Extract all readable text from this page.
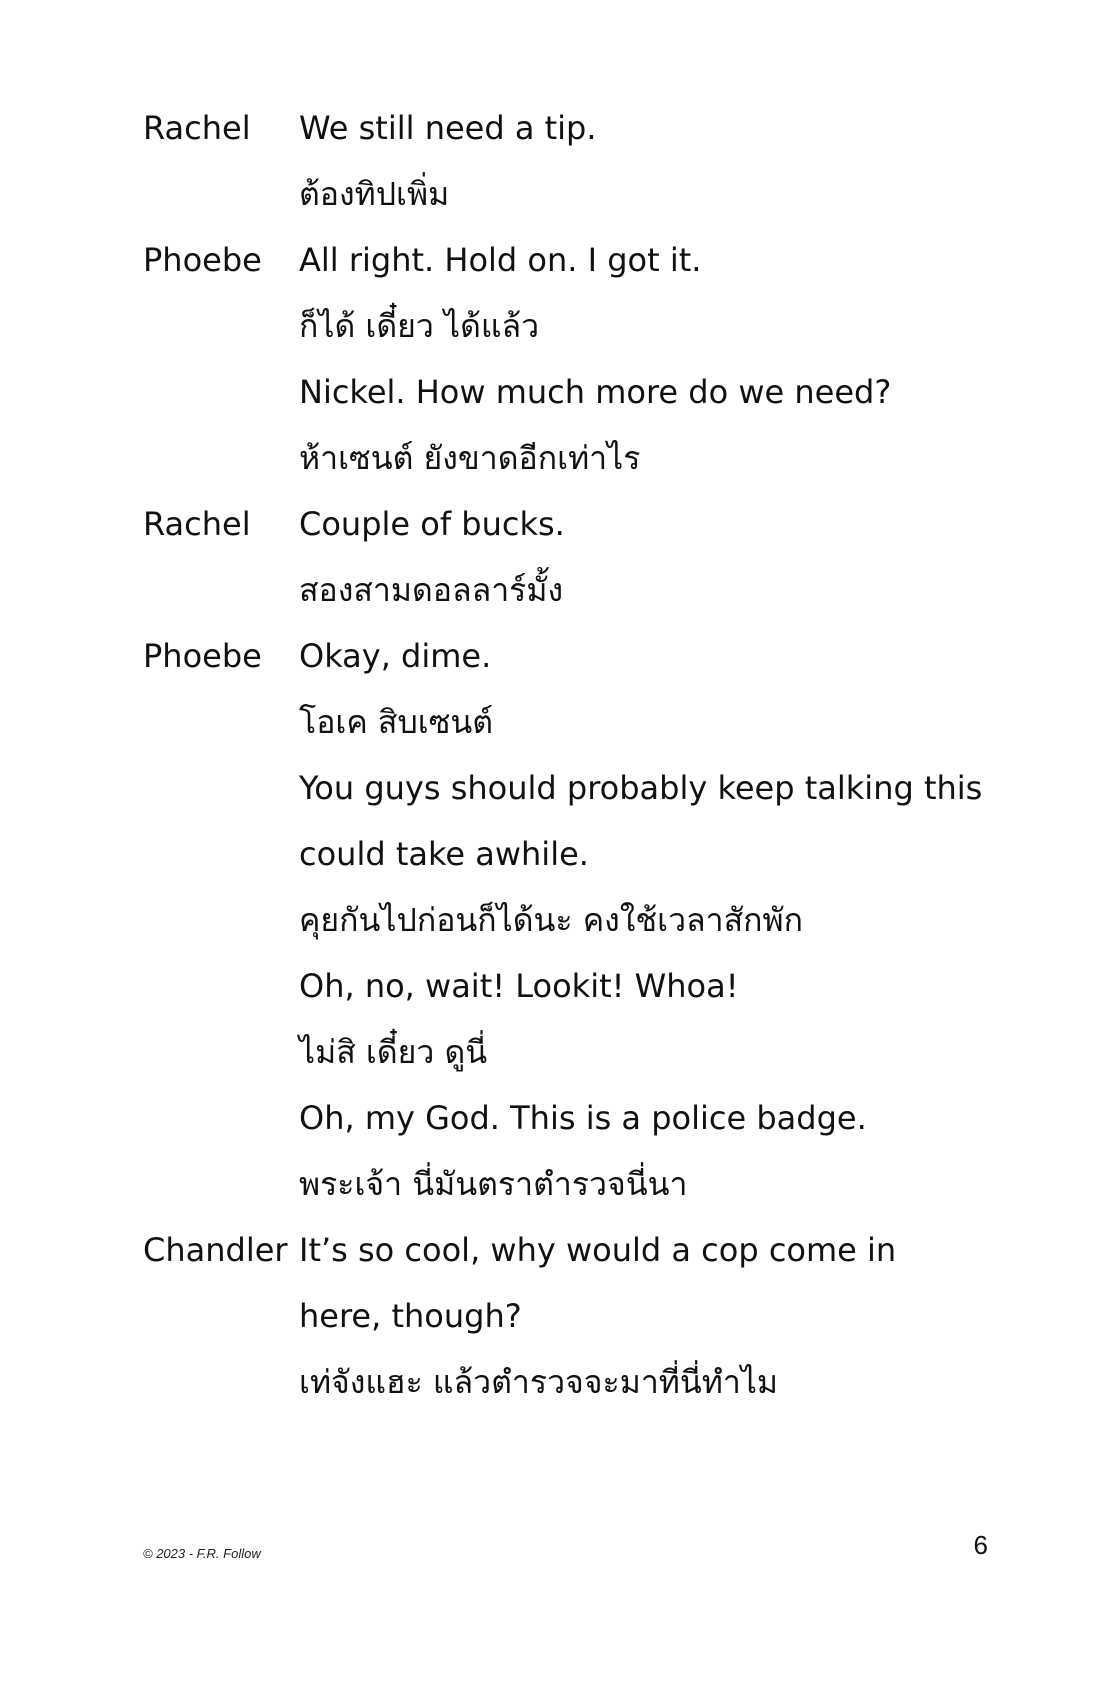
Rachel	We still need a tip.
ต้องทิปเพิ่ม
Phoebe	All right. Hold on. I got it.
ก็ได้ เดี๋ยว ได้แล้ว
Nickel. How much more do we need?
ห้าเซนต์ ยังขาดอีกเท่าไร
Rachel	Couple of bucks.
สองสามดอลลาร์มั้ง
Phoebe	Okay, dime.
โอเค สิบเซนต์
You guys should probably keep talking this
could take awhile.
คุยกันไปก่อนก็ได้นะ คงใช้เวลาสักพัก
Oh, no, wait! Lookit! Whoa!
ไม่สิ เดี๋ยว ดูนี่
Oh, my God. This is a police badge.
พระเจ้า นี่มันตราตำรวจนี่นา
Chandler It’s so cool, why would a cop come in
here, though?
เท่จังแฮะ แล้วตำรวจจะมาที่นี่ทำไม
© 2023 - F.R. Follow	6
